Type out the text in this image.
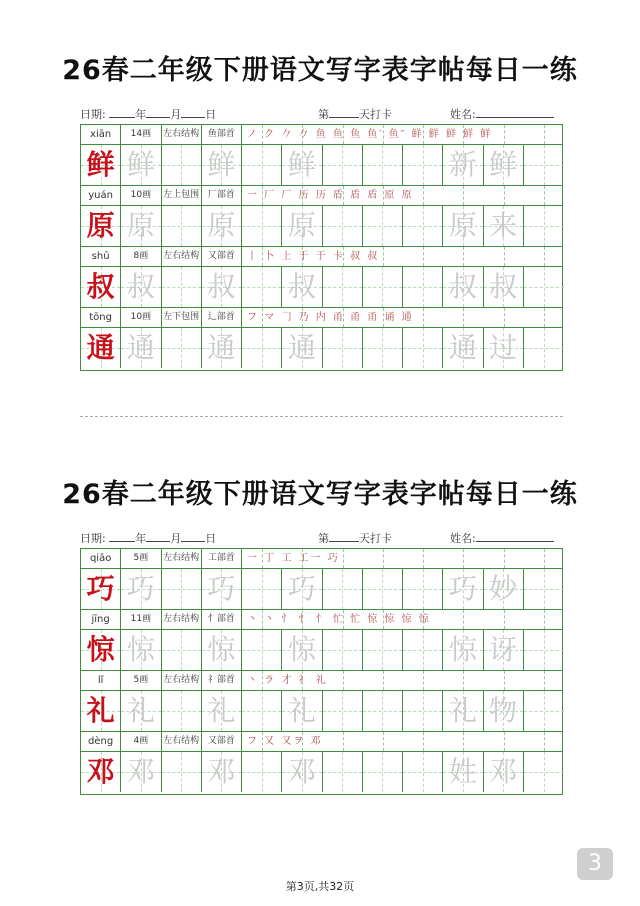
26春二年级下册语文写字表字帖每日一练
日期:	年 月 日	第	天打卡	姓名:
xiān	14画	左右结构 鱼部首	ノ ク 𠂊 𠂊 鱼 鱼 鱼 鱼′ 鱼″ 鲜 鲜 鲜 鲜 鲜
鲜 鲜 鲜 鲜	新 鲜
yuán	10画	左上包围 厂部首	一 厂 厂 历 历 盾 盾 盾 原 原
原 原 原 原	原 来
shū	8画	左右结构 又部首	丨 卜 上 于 于 卡 叔 叔
叔 叔 叔 叔	叔 叔
tōng	10画	左下包围 辶部首	フ マ 𠃌 乃 内 甬 甬 甬 诵 通
通 通 通 通	通 过
26春二年级下册语文写字表字帖每日一练
日期:	年 月 日	第	天打卡	姓名:
qiǎo	5画	左右结构 工部首	一 丁 工 工一 巧
巧 巧 巧 巧	巧 妙
jīng	11画	左右结构 忄部首	丶 丶 忄 忄 忄 忙 忙 惊 惊 惊 惊
惊 惊 惊 惊	惊 讶
lǐ	5画	左右结构 礻部首	丶 ラ 才 礻 礼
礼 礼 礼 礼	礼 物
dèng	4画	左右结构 又部首	フ 又 又ヲ 邓
邓 邓 邓 邓	姓 邓
3
第3页,共32页
